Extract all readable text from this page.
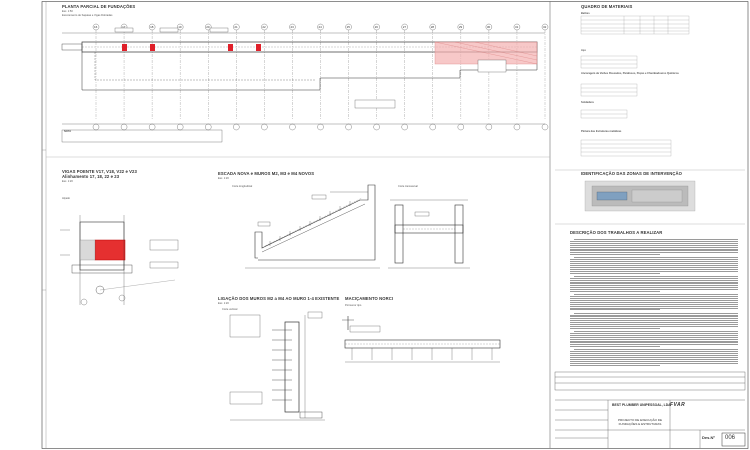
PLANTA PARCIAL DE FUNDAÇÕES
Esc. 1:50
Escoramento de Sapatas e Vigas Dobradas
16	17	18	19	20	21	22	23	24	25	26	27	28	29	30	31	32
NOTA
VIGAS POENTE V17, V18, V22 e V23
Alinhamento 17, 18, 22 e 23
Esc. 1:20
Alçado
ESCADA NOVA e MUROS M2, M3 e M4 NOVOS
Esc. 1:20
Corte longitudinal	Corte transversal
LIGAÇÃO DOS MUROS M2 a M4 AO MURO 1-4 EXISTENTE
Esc. 1:20
Corte vertical
MACIÇAMENTO NORCI
Pormenor tipo
QUADRO DE MATERIAIS
Betões
Aço
Ancoragem de Varões Roscados, Parafusos, Peças e Chumbadouros Químicos
Soldadura
Pintura das Estruturas metálicas
IDENTIFICAÇÃO DAS ZONAS DE INTERVENÇÃO
DESCRIÇÃO DOS TRABALHOS A REALIZAR
BEST PLUMBER UNIPESSOAL, LDA
PROJECTO DE EXECUÇÃO DE FUNDAÇÕES E ESTRUTURAS
FVAR
Des.Nº 006
